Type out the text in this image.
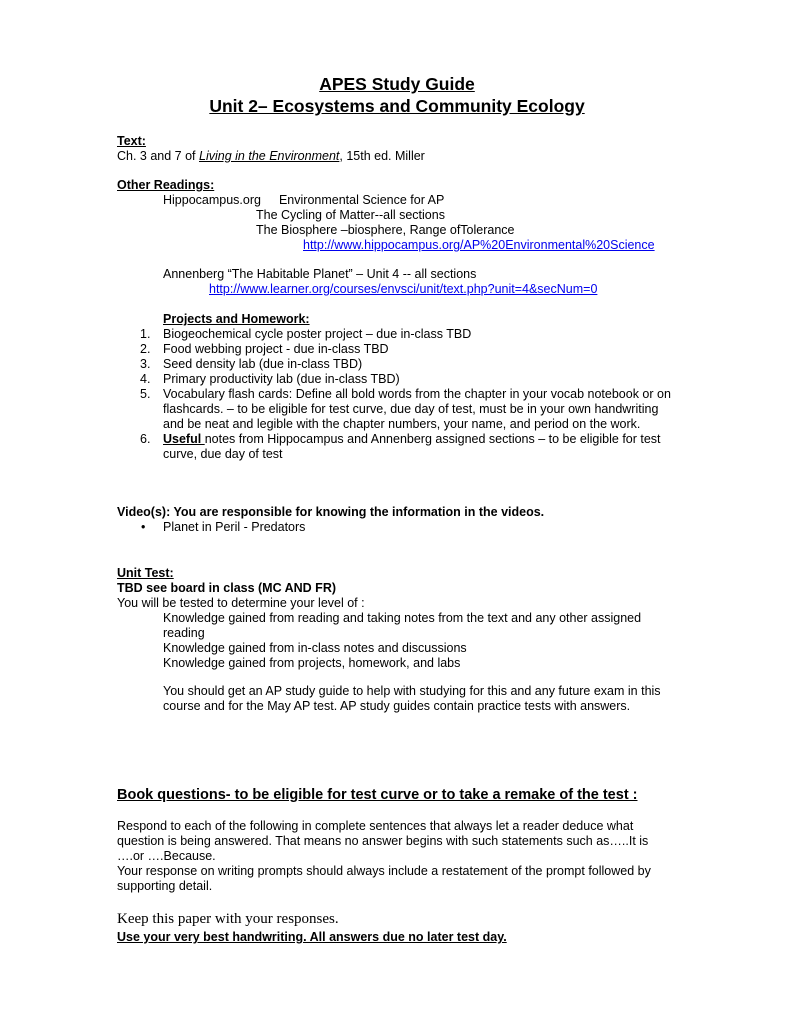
APES Study Guide
Unit 2– Ecosystems and Community Ecology
Text:
Ch. 3 and 7 of Living in the Environment, 15th ed. Miller
Other Readings:
Hippocampus.org Environmental Science for AP
The Cycling of Matter--all sections
The Biosphere –biosphere, Range ofTolerance
http://www.hippocampus.org/AP%20Environmental%20Science
Annenberg “The Habitable Planet” – Unit 4 -- all sections
http://www.learner.org/courses/envsci/unit/text.php?unit=4&secNum=0
Projects and Homework:
1. Biogeochemical cycle poster project – due in-class TBD
2. Food webbing project - due in-class TBD
3. Seed density lab (due in-class TBD)
4. Primary productivity lab (due in-class TBD)
5. Vocabulary flash cards: Define all bold words from the chapter in your vocab notebook or on flashcards. – to be eligible for test curve, due day of test, must be in your own handwriting and be neat and legible with the chapter numbers, your name, and period on the work.
6. Useful notes from Hippocampus and Annenberg assigned sections – to be eligible for test curve, due day of test
Video(s): You are responsible for knowing the information in the videos.
• Planet in Peril - Predators
Unit Test:
TBD see board in class (MC AND FR)
You will be tested to determine your level of :
Knowledge gained from reading and taking notes from the text and any other assigned reading
Knowledge gained from in-class notes and discussions
Knowledge gained from projects, homework, and labs
You should get an AP study guide to help with studying for this and any future exam in this course and for the May AP test. AP study guides contain practice tests with answers.
Book questions- to be eligible for test curve or to take a remake of the test :
Respond to each of the following in complete sentences that always let a reader deduce what question is being answered. That means no answer begins with such statements such as…..It is ….or ….Because.
Your response on writing prompts should always include a restatement of the prompt followed by supporting detail.
Keep this paper with your responses.
Use your very best handwriting. All answers due no later test day.
